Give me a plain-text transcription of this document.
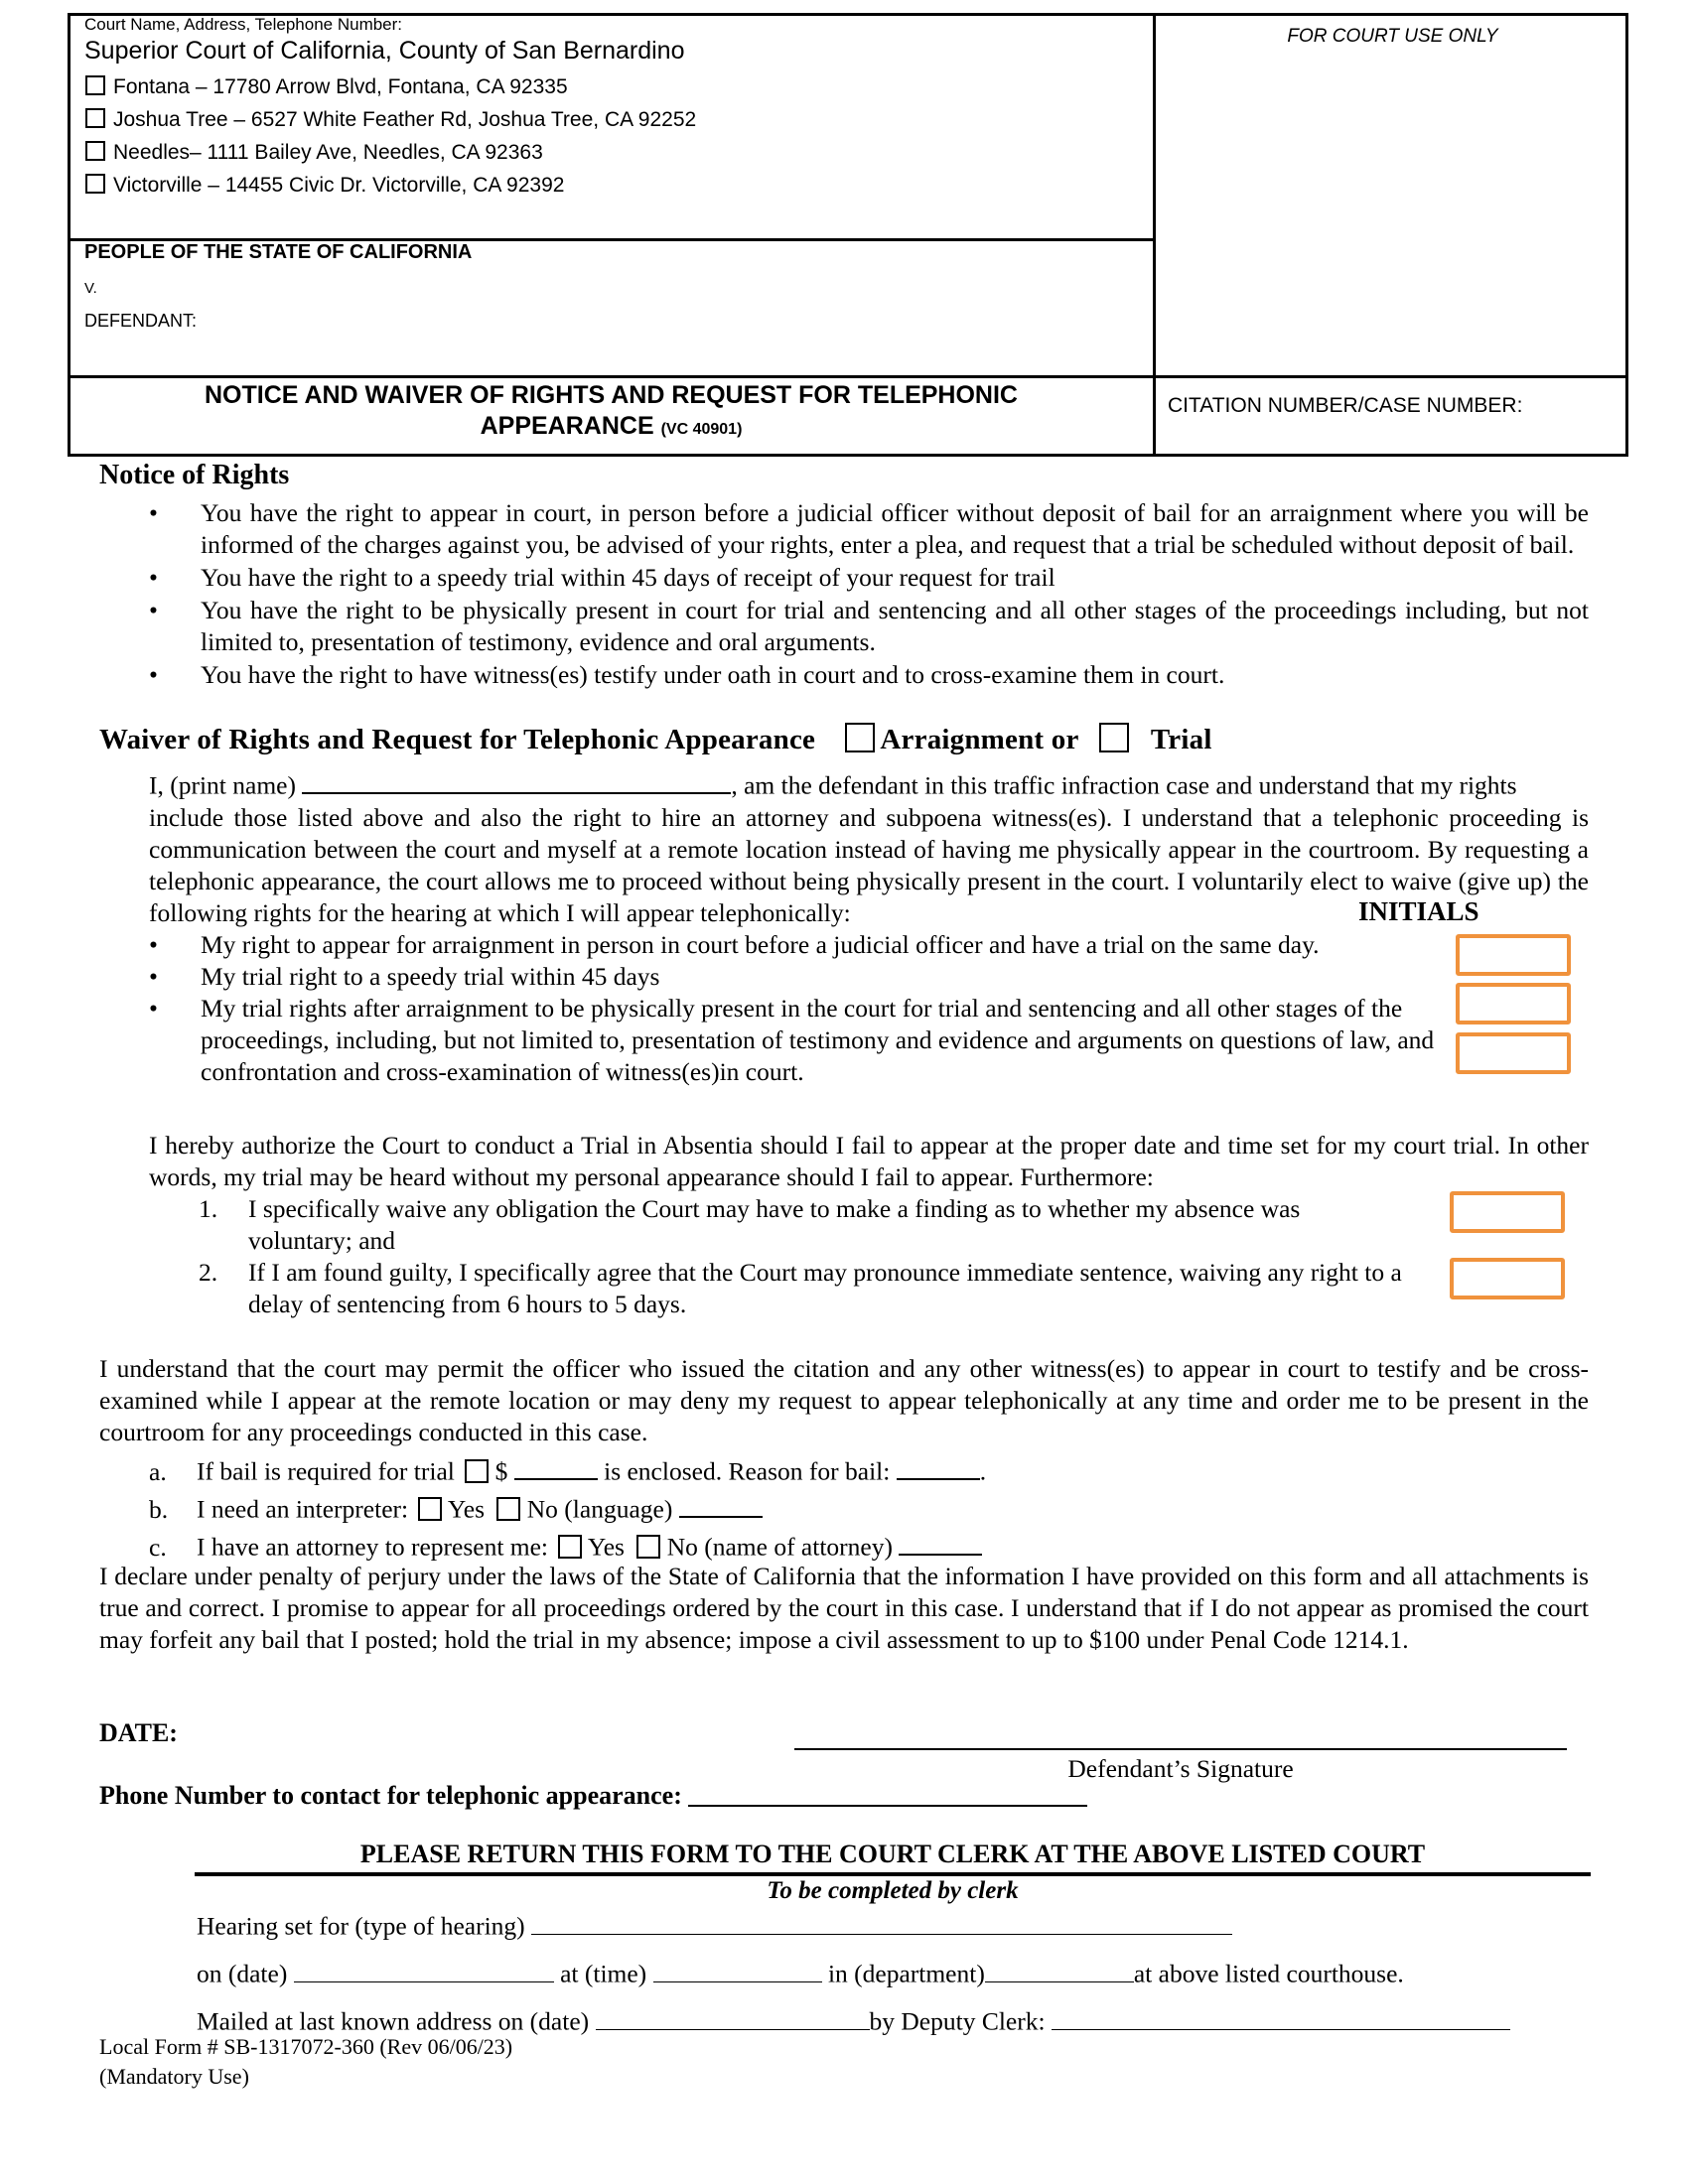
Court Name, Address, Telephone Number:
Superior Court of California, County of San Bernardino
Fontana – 17780 Arrow Blvd, Fontana, CA 92335
Joshua Tree – 6527 White Feather Rd, Joshua Tree, CA 92252
Needles– 1111 Bailey Ave, Needles, CA 92363
Victorville – 14455 Civic Dr. Victorville, CA 92392
FOR COURT USE ONLY
PEOPLE OF THE STATE OF CALIFORNIA
V.
DEFENDANT:
NOTICE AND WAIVER OF RIGHTS AND REQUEST FOR TELEPHONIC
APPEARANCE (VC 40901)
CITATION NUMBER/CASE NUMBER:
Notice of Rights
• You have the right to appear in court, in person before a judicial officer without deposit of bail for an arraignment where you will be informed of the charges against you, be advised of your rights, enter a plea, and request that a trial be scheduled without deposit of bail.
• You have the right to a speedy trial within 45 days of receipt of your request for trail
• You have the right to be physically present in court for trial and sentencing and all other stages of the proceedings including, but not limited to, presentation of testimony, evidence and oral arguments.
• You have the right to have witness(es) testify under oath in court and to cross-examine them in court.
Waiver of Rights and Request for Telephonic Appearance Arraignment or	Trial
I, (print name)	, am the defendant in this traffic infraction case and understand that my rights
include those listed above and also the right to hire an attorney and subpoena witness(es). I understand that a telephonic proceeding is communication between the court and myself at a remote location instead of having me physically appear in the courtroom. By requesting a telephonic appearance, the court allows me to proceed without being physically present in the court. I voluntarily elect to waive (give up) the following rights for the hearing at which I will appear telephonically:	INITIALS
• My right to appear for arraignment in person in court before a judicial officer and have a trial on the same day.
• My trial right to a speedy trial within 45 days
• My trial rights after arraignment to be physically present in the court for trial and sentencing and all other stages of the proceedings, including, but not limited to, presentation of testimony and evidence and arguments on questions of law, and confrontation and cross-examination of witness(es)in court.
I hereby authorize the Court to conduct a Trial in Absentia should I fail to appear at the proper date and time set for my court trial. In other words, my trial may be heard without my personal appearance should I fail to appear. Furthermore:
1. I specifically waive any obligation the Court may have to make a finding as to whether my absence was voluntary; and
2. If I am found guilty, I specifically agree that the Court may pronounce immediate sentence, waiving any right to a delay of sentencing from 6 hours to 5 days.
I understand that the court may permit the officer who issued the citation and any other witness(es) to appear in court to testify and be cross-examined while I appear at the remote location or may deny my request to appear telephonically at any time and order me to be present in the courtroom for any proceedings conducted in this case.
a. If bail is required for trial $	is enclosed. Reason for bail:	.
b. I need an interpreter: Yes No (language)
c. I have an attorney to represent me: Yes No (name of attorney)
I declare under penalty of perjury under the laws of the State of California that the information I have provided on this form and all attachments is true and correct. I promise to appear for all proceedings ordered by the court in this case. I understand that if I do not appear as promised the court may forfeit any bail that I posted; hold the trial in my absence; impose a civil assessment to up to $100 under Penal Code 1214.1.
DATE:
Defendant’s Signature
Phone Number to contact for telephonic appearance:
PLEASE RETURN THIS FORM TO THE COURT CLERK AT THE ABOVE LISTED COURT
To be completed by clerk
Hearing set for (type of hearing)
on (date)	at (time)	in (department)	at above listed courthouse.
Mailed at last known address on (date)	by Deputy Clerk:
Local Form # SB-1317072-360 (Rev 06/06/23)
(Mandatory Use)
